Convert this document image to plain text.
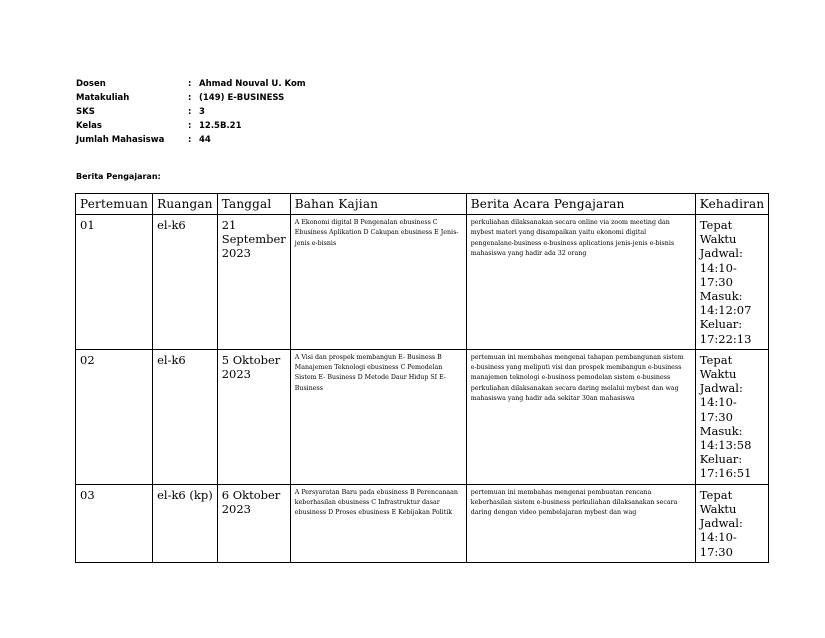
Dosen	: Ahmad Nouval U. Kom
Matakuliah	: (149) E-BUSINESS
SKS	: 3
Kelas	: 12.5B.21
Jumlah Mahasiswa	: 44
Berita Pengajaran:
Pertemuan	Ruangan	Tanggal	Bahan Kajian	Berita Acara Pengajaran	Kehadiran
01	el-k6	21 September 2023	A Ekonomi digital B Pengenalan ebusiness C Ebusiness Aplikation D Cakupan ebusiness E Jenis-jenis e-bisnis	perkuliahan dilaksanakan secara online via zoom meeting dan mybest materi yang disampaikan yaitu ekonomi digital pengenalane-business e-business aplications jenis-jenis e-bisnis mahasiswa yang hadir ada 32 orang	Tepat Waktu Jadwal: 14:10-17:30 Masuk: 14:12:07 Keluar: 17:22:13
02	el-k6	5 Oktober 2023	A Visi dan prospek membangun E- Business B Manajemen Teknologi ebusiness C Pemodelan Sistem E- Business D Metode Daur Hidup SI E- Business	pertemuan ini membahas mengenai tahapan pembangunan sistem e-business yang meliputi visi dan prospek membangun e-business manajemen teknologi e-business pemodelan sistem e-business perkuliahan dilaksanakan secara daring melalui mybest dan wag mahasiswa yang hadir ada sekitar 30an mahasiswa	Tepat Waktu Jadwal: 14:10-17:30 Masuk: 14:13:58 Keluar: 17:16:51
03	el-k6 (kp)	6 Oktober 2023	A Persyaratan Baru pada ebusiness B Perencanaan keberhasilan ebusiness C Infrastruktur dasar ebusiness D Proses ebusiness E Kebijakan Politik	pertemuan ini membahas mengenai pembuatan rencana keberhasilan sistem e-business perkuliahan dilaksanakan secara daring dengan video pembelajaran mybest dan wag	Tepat Waktu Jadwal: 14:10-17:30
